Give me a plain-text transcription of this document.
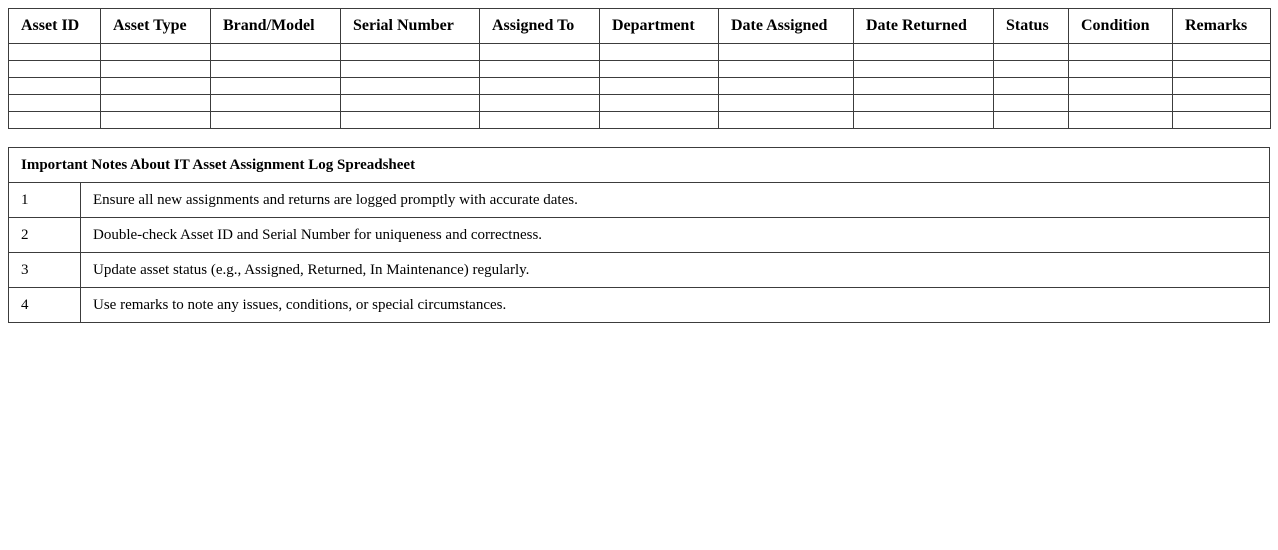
Asset ID	Asset Type	Brand/Model	Serial Number	Assigned To	Department	Date Assigned	Date Returned	Status	Condition	Remarks

Important Notes About IT Asset Assignment Log Spreadsheet	
1	Ensure all new assignments and returns are logged promptly with accurate dates.
2	Double-check Asset ID and Serial Number for uniqueness and correctness.
3	Update asset status (e.g., Assigned, Returned, In Maintenance) regularly.
4	Use remarks to note any issues, conditions, or special circumstances.
